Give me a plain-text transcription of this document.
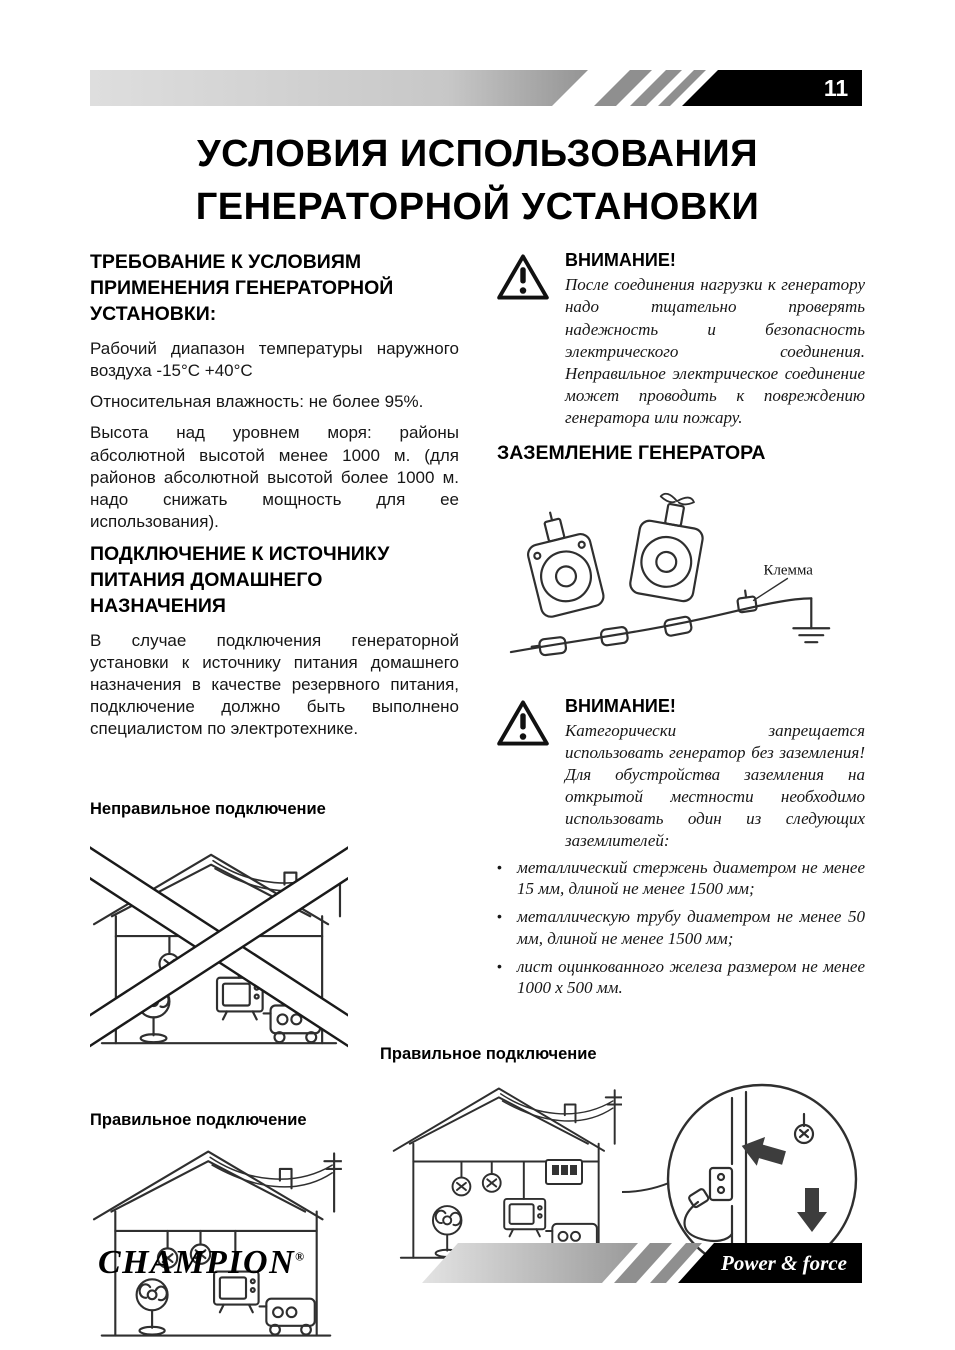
11
УСЛОВИЯ ИСПОЛЬЗОВАНИЯ
ГЕНЕРАТОРНОЙ УСТАНОВКИ
ТРЕБОВАНИЕ К УСЛОВИЯМ ПРИМЕНЕНИЯ ГЕНЕРАТОРНОЙ УСТАНОВКИ:

Рабочий диапазон температуры наружного воздуха -15°C +40°C

Относительная влажность: не более 95%.

Высота над уровнем моря: районы абсолютной высотой менее 1000 м. (для районов абсолютной высотой более 1000 м. надо снижать мощность для ее использования).

ПОДКЛЮЧЕНИЕ К ИСТОЧНИКУ ПИТАНИЯ ДОМАШНЕГО НАЗНАЧЕНИЯ

В случае подключения генераторной установки к источнику питания домашнего назначения в качестве резервного питания, подключение должно быть выполнено специалистом по электротехнике.

Неправильное подключение
Правильное подключение
ВНИМАНИЕ!

После соединения нагрузки к генератору надо тщательно проверять надежность и безопасность электрического соединения. Неправильное электрическое соединение может проводить к повреждению генератора или пожару.

ЗАЗЕМЛЕНИЕ ГЕНЕРАТОРА
Клемма
ВНИМАНИЕ!

Категорически запрещается использовать генератор без заземления! Для обустройства заземления на открытой местности необходимо использовать один из следующих заземлителей:

• металлический стержень диаметром не менее 15 мм, длиной не менее 1500 мм;
• металлическую трубу диаметром не менее 50 мм, длиной не менее 1500 мм;
• лист оцинкованного железа размером не менее 1000 х 500 мм.
Правильное подключение
Power & force
CHAMPION®
